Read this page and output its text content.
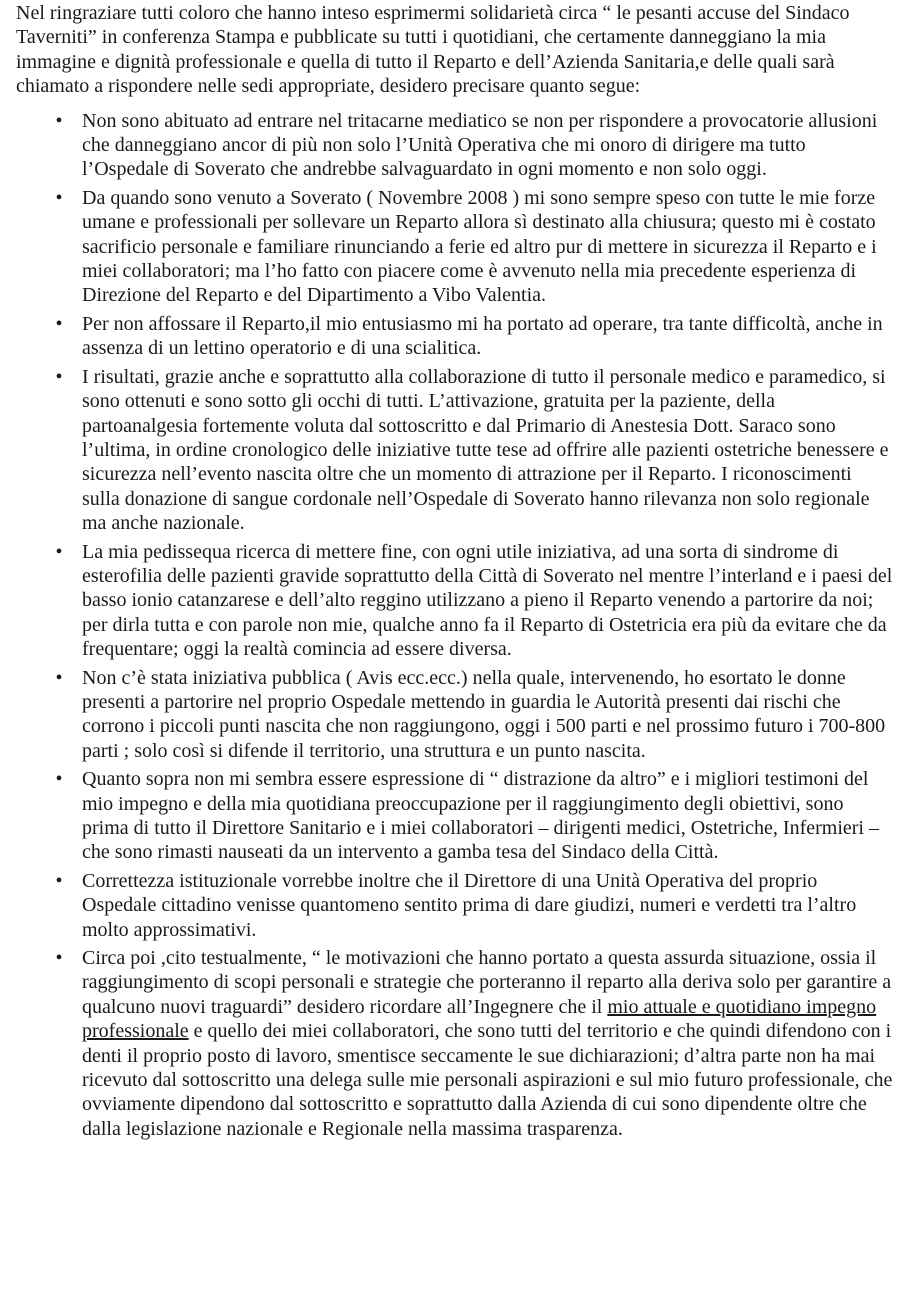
Nel ringraziare tutti coloro che hanno inteso esprimermi solidarietà circa “ le pesanti accuse del Sindaco Taverniti” in conferenza Stampa e pubblicate su tutti i quotidiani, che certamente danneggiano la mia immagine e dignità professionale e quella di tutto il Reparto e dell’Azienda Sanitaria,e delle quali sarà chiamato a rispondere nelle sedi appropriate, desidero precisare quanto segue:

• Non sono abituato ad entrare nel tritacarne mediatico se non per rispondere a provocatorie allusioni che danneggiano ancor di più non solo l’Unità Operativa che mi onoro di dirigere ma tutto l’Ospedale di Soverato che andrebbe salvaguardato in ogni momento e non solo oggi.
• Da quando sono venuto a Soverato ( Novembre 2008 ) mi sono sempre speso con tutte le mie forze umane e professionali per sollevare un Reparto allora sì destinato alla chiusura; questo mi è costato sacrificio personale e familiare rinunciando a ferie ed altro pur di mettere in sicurezza il Reparto e i miei collaboratori; ma l’ho fatto con piacere come è avvenuto nella mia precedente esperienza di Direzione del Reparto e del Dipartimento a Vibo Valentia.
• Per non affossare il Reparto,il mio entusiasmo mi ha portato ad operare, tra tante difficoltà, anche in assenza di un lettino operatorio e di una scialitica.
• I risultati, grazie anche e soprattutto alla collaborazione di tutto il personale medico e paramedico, si sono ottenuti e sono sotto gli occhi di tutti. L’attivazione, gratuita per la paziente, della partoanalgesia fortemente voluta dal sottoscritto e dal Primario di Anestesia Dott. Saraco sono l’ultima, in ordine cronologico delle iniziative tutte tese ad offrire alle pazienti ostetriche benessere e sicurezza nell’evento nascita oltre che un momento di attrazione per il Reparto. I riconoscimenti sulla donazione di sangue cordonale nell’Ospedale di Soverato hanno rilevanza non solo regionale ma anche nazionale.
• La mia pedissequa ricerca di mettere fine, con ogni utile iniziativa, ad una sorta di sindrome di esterofilia delle pazienti gravide soprattutto della Città di Soverato nel mentre l’interland e i paesi del basso ionio catanzarese e dell’alto reggino utilizzano a pieno il Reparto venendo a partorire da noi; per dirla tutta e con parole non mie, qualche anno fa il Reparto di Ostetricia era più da evitare che da frequentare; oggi la realtà comincia ad essere diversa.
• Non c’è stata iniziativa pubblica ( Avis ecc.ecc.) nella quale, intervenendo, ho esortato le donne presenti a partorire nel proprio Ospedale mettendo in guardia le Autorità presenti dai rischi che corrono i piccoli punti nascita che non raggiungono, oggi i 500 parti e nel prossimo futuro i 700-800 parti ; solo così si difende il territorio, una struttura e un punto nascita.
• Quanto sopra non mi sembra essere espressione di “ distrazione da altro” e i migliori testimoni del mio impegno e della mia quotidiana preoccupazione per il raggiungimento degli obiettivi, sono prima di tutto il Direttore Sanitario e i miei collaboratori – dirigenti medici, Ostetriche, Infermieri – che sono rimasti nauseati da un intervento a gamba tesa del Sindaco della Città.
• Correttezza istituzionale vorrebbe inoltre che il Direttore di una Unità Operativa del proprio Ospedale cittadino venisse quantomeno sentito prima di dare giudizi, numeri e verdetti tra l’altro molto approssimativi.
• Circa poi ,cito testualmente, “ le motivazioni che hanno portato a questa assurda situazione, ossia il raggiungimento di scopi personali e strategie che porteranno il reparto alla deriva solo per garantire a qualcuno nuovi traguardi” desidero ricordare all’Ingegnere che il mio attuale e quotidiano impegno professionale e quello dei miei collaboratori, che sono tutti del territorio e che quindi difendono con i denti il proprio posto di lavoro, smentisce seccamente le sue dichiarazioni; d’altra parte non ha mai ricevuto dal sottoscritto una delega sulle mie personali aspirazioni e sul mio futuro professionale, che ovviamente dipendono dal sottoscritto e soprattutto dalla Azienda di cui sono dipendente oltre che dalla legislazione nazionale e Regionale nella massima trasparenza.
